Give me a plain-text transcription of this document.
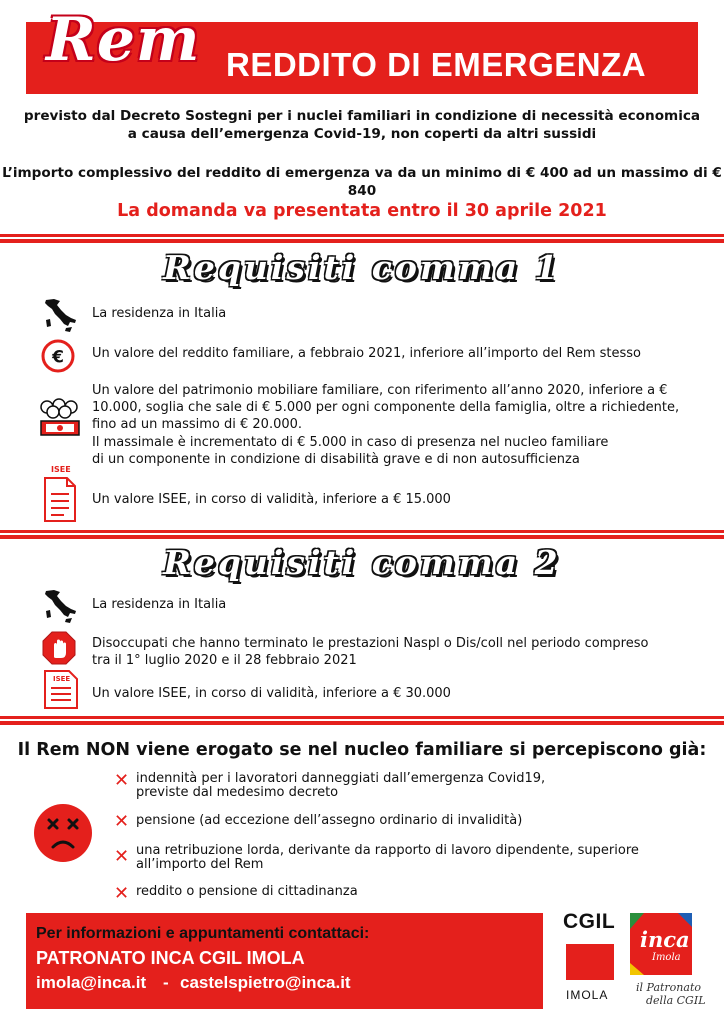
Rem REDDITO DI EMERGENZA
previsto dal Decreto Sostegni per i nuclei familiari in condizione di necessità economica
a causa dell’emergenza Covid-19, non coperti da altri sussidi
L’importo complessivo del reddito di emergenza va da un minimo di € 400 ad un massimo di € 840
La domanda va presentata entro il 30 aprile 2021
Requisiti comma 1
La residenza in Italia
€ Un valore del reddito familiare, a febbraio 2021, inferiore all’importo del Rem stesso
Un valore del patrimonio mobiliare familiare, con riferimento all’anno 2020, inferiore a €
10.000, soglia che sale di € 5.000 per ogni componente della famiglia, oltre a richiedente,
fino ad un massimo di € 20.000.
Il massimale è incrementato di € 5.000 in caso di presenza nel nucleo familiare
di un componente in condizione di disabilità grave e di non autosufficienza
ISEE
Un valore ISEE, in corso di validità, inferiore a € 15.000
Requisiti comma 2
La residenza in Italia
Disoccupati che hanno terminato le prestazioni Naspl o Dis/coll nel periodo compreso
tra il 1° luglio 2020 e il 28 febbraio 2021
ISEE
Un valore ISEE, in corso di validità, inferiore a € 30.000
Il Rem NON viene erogato se nel nucleo familiare si percepiscono già:
✕ indennità per i lavoratori danneggiati dall’emergenza Covid19,
previste dal medesimo decreto
✕ pensione (ad eccezione dell’assegno ordinario di invalidità)
✕ una retribuzione lorda, derivante da rapporto di lavoro dipendente, superiore
all’importo del Rem
✕ reddito o pensione di cittadinanza
Per informazioni e appuntamenti contattaci:
PATRONATO INCA CGIL IMOLA
imola@inca.it - castelspietro@inca.it
CGIL
IMOLA
inca
Imola
il Patronato
della CGIL
